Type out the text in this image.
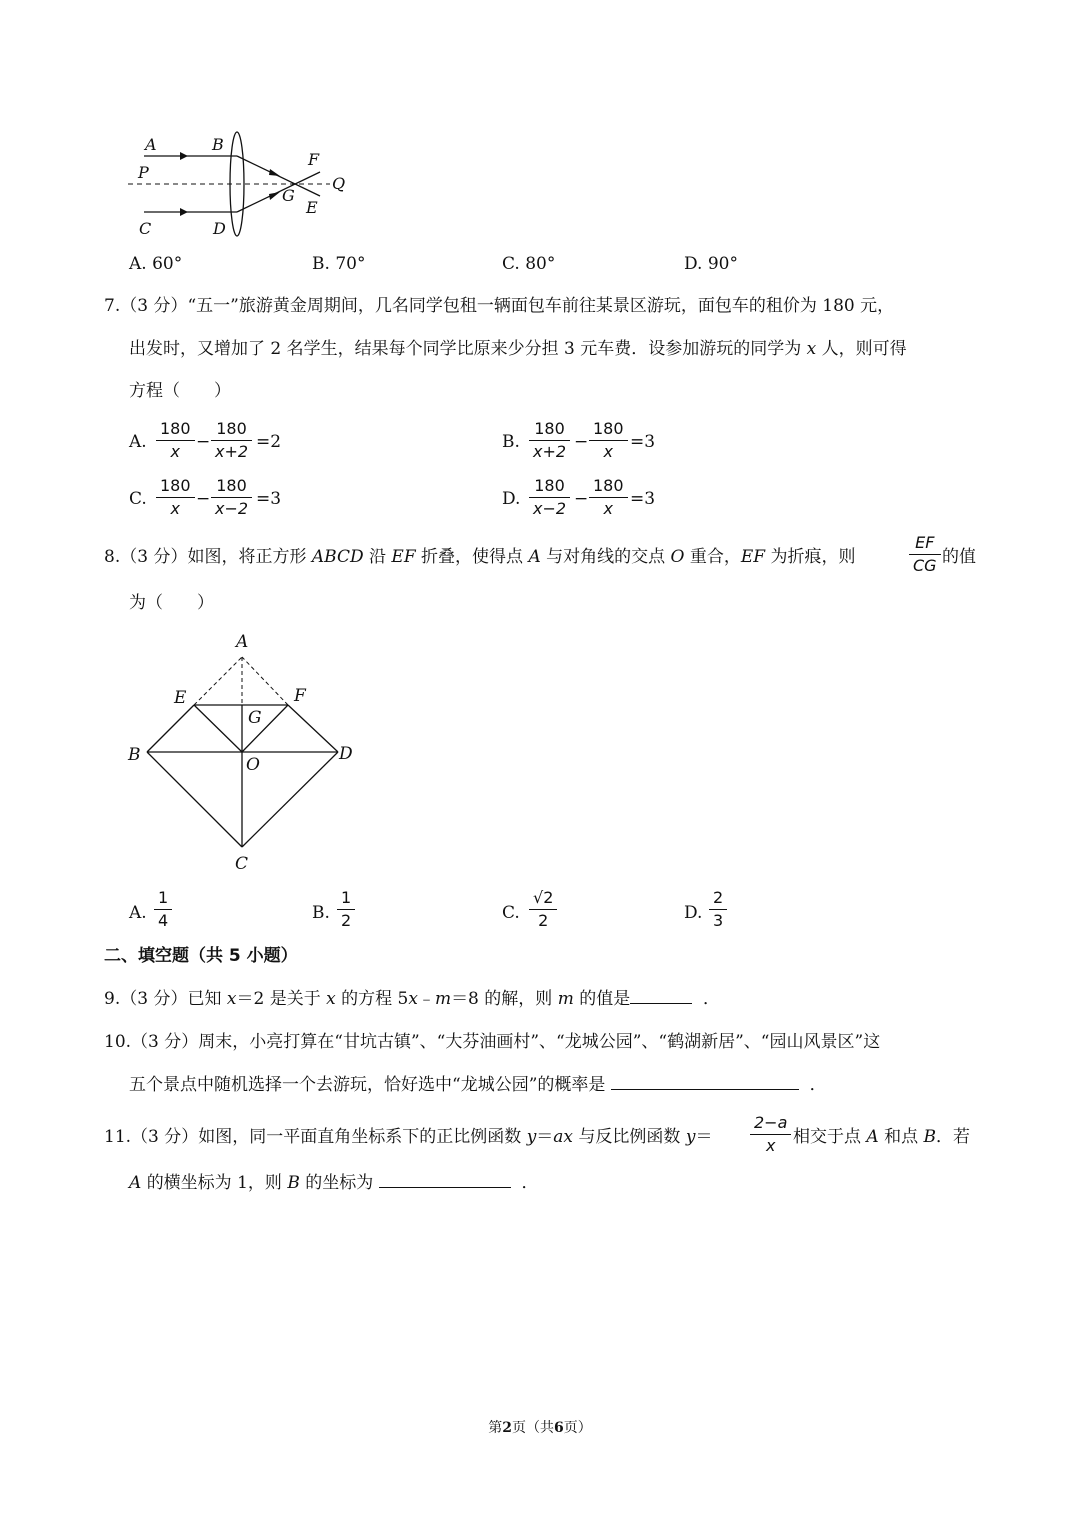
A	B
F
P
G
Q
E
C	D
A. 60°	B. 70°	C. 80°	D. 90°
7.（3 分）“五一”旅游黄金周期间，几名同学包租一辆面包车前往某景区游玩，面包车的租价为 180 元，
出发时，又增加了 2 名学生，结果每个同学比原来少分担 3 元车费．设参加游玩的同学为 x 人，则可得
方程（　　）
A.
180
x −
180
x+2 =2	B.
180
x+2 −
180
x =3
C.
180
x −
180
x−2 =3	D.
180
x−2 −
180
x =3
8.（3 分）如图，将正方形 ABCD 沿 EF 折叠，使得点 A 与对角线的交点 O 重合，EF 为折痕，则
EF
CG 的值
为（　　）
A
E	F
G
B	O
D
C
A.
1
4	B.
1
2	C.
√2
2	D.
2
3
二、填空题（共 5 小题）
9.（3 分）已知 x＝2 是关于 x 的方程 5x﹣m＝8 的解，则 m 的值是	．
10.（3 分）周末，小亮打算在“甘坑古镇”、“大芬油画村”、“龙城公园”、“鹤湖新居”、“园山风景区”这
五个景点中随机选择一个去游玩，恰好选中“龙城公园”的概率是	．
11.（3 分）如图，同一平面直角坐标系下的正比例函数 y＝ax 与反比例函数 y＝
2−a
x 相交于点 A 和点 B．若
A 的横坐标为 1，则 B 的坐标为	．
第2页（共6页）
